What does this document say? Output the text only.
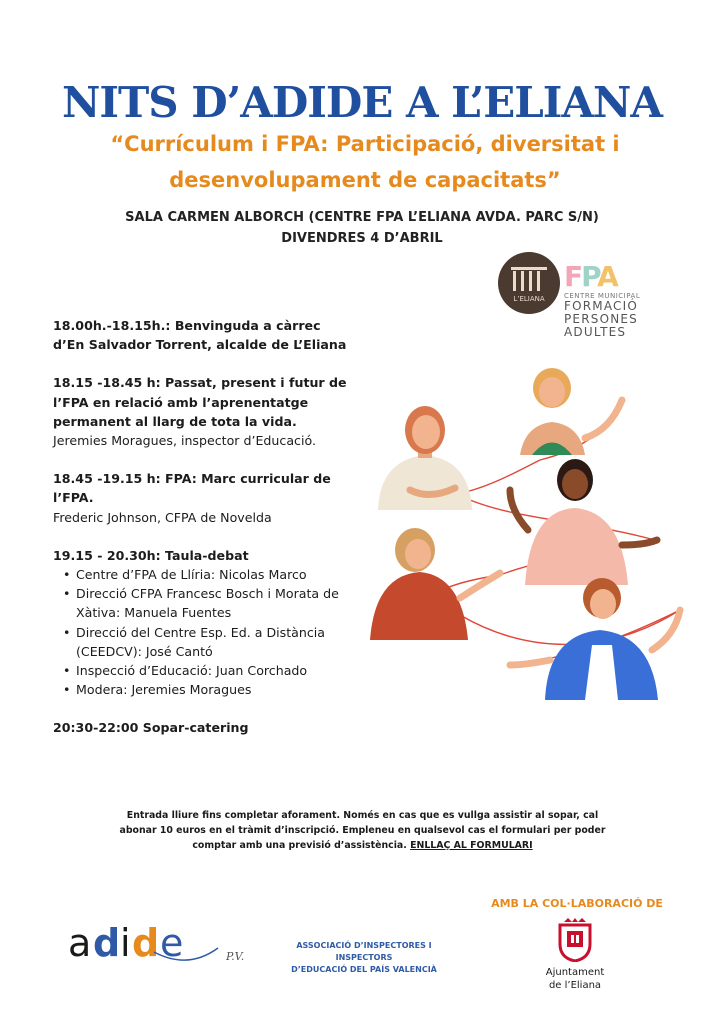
NITS D’ADIDE A L’ELIANA
“Currículum i FPA: Participació, diversitat i
desenvolupament de capacitats”
SALA CARMEN ALBORCH (CENTRE FPA L’ELIANA AVDA. PARC S/N)
DIVENDRES 4 D’ABRIL
L’ELIANA
FPA
CENTRE MUNICIPAL
FORMACIÓ
PERSONES
ADULTES
18.00h.-18.15h.: Benvinguda a càrrec d’En Salvador Torrent, alcalde de L’Eliana
18.15 -18.45 h: Passat, present i futur de l’FPA en relació amb l’aprenentatge permanent al llarg de tota la vida. Jeremies Moragues, inspector d’Educació.
18.45 -19.15 h: FPA: Marc curricular de l’FPA.
Frederic Johnson, CFPA de Novelda
19.15 - 20.30h: Taula-debat
• Centre d’FPA de Llíria: Nicolas Marco
• Direcció CFPA Francesc Bosch i Morata de Xàtiva: Manuela Fuentes
• Direcció del Centre Esp. Ed. a Distància (CEEDCV): José Cantó
• Inspecció d’Educació: Juan Corchado
• Modera: Jeremies Moragues
20:30-22:00 Sopar-catering
Entrada lliure fins completar aforament. Només en cas que es vullga assistir al sopar, cal abonar 10 euros en el tràmit d’inscripció. Empleneu en qualsevol cas el formulari per poder comptar amb una previsió d’assistència. ENLLAÇ AL FORMULARI
AMB LA COL·LABORACIÓ DE
a d i d e	P.V.
ASSOCIACIÓ D’INSPECTORES I INSPECTORS
D’EDUCACIÓ DEL PAÍS VALENCIÀ	Ajuntament
de l’Eliana
